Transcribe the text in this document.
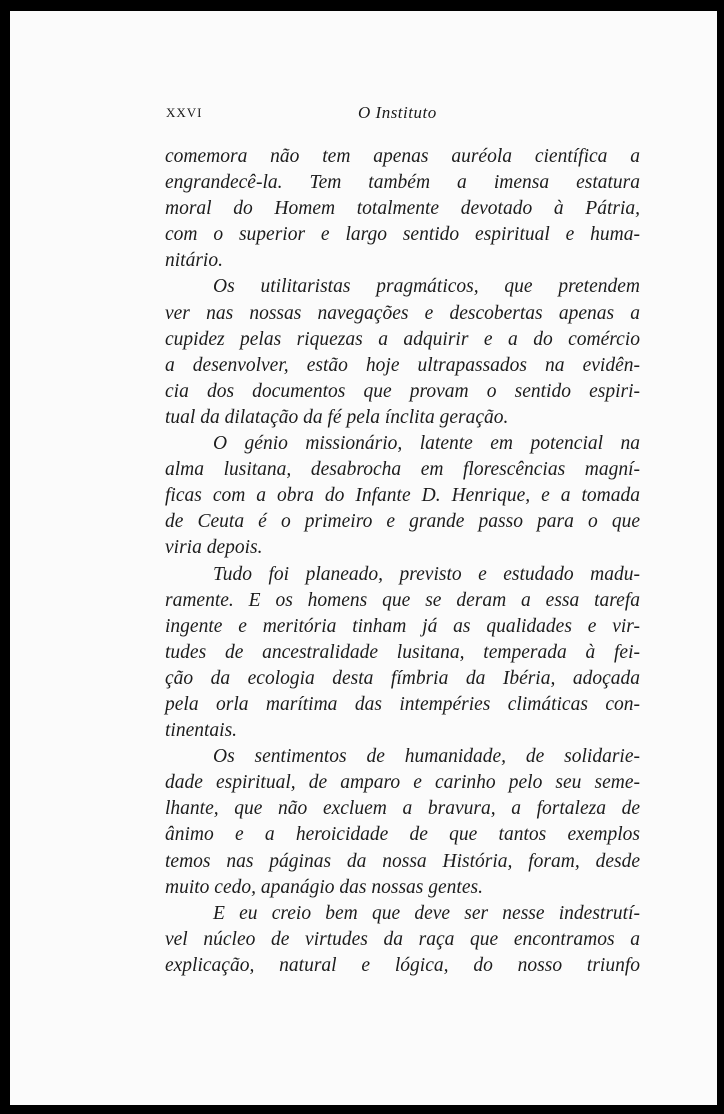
XXVI	O Instituto
comemora não tem apenas auréola científica a
engrandecê-la. Tem também a imensa estatura
moral do Homem totalmente devotado à Pátria,
com o superior e largo sentido espiritual e huma-
nitário.
Os utilitaristas pragmáticos, que pretendem
ver nas nossas navegações e descobertas apenas a
cupidez pelas riquezas a adquirir e a do comércio
a desenvolver, estão hoje ultrapassados na evidên-
cia dos documentos que provam o sentido espiri-
tual da dilatação da fé pela ínclita geração.
O génio missionário, latente em potencial na
alma lusitana, desabrocha em florescências magní-
ficas com a obra do Infante D. Henrique, e a tomada
de Ceuta é o primeiro e grande passo para o que
viria depois.
Tudo foi planeado, previsto e estudado madu-
ramente. E os homens que se deram a essa tarefa
ingente e meritória tinham já as qualidades e vir-
tudes de ancestralidade lusitana, temperada à fei-
ção da ecologia desta fímbria da Ibéria, adoçada
pela orla marítima das intempéries climáticas con-
tinentais.
Os sentimentos de humanidade, de solidarie-
dade espiritual, de amparo e carinho pelo seu seme-
lhante, que não excluem a bravura, a fortaleza de
ânimo e a heroicidade de que tantos exemplos
temos nas páginas da nossa História, foram, desde
muito cedo, apanágio das nossas gentes.
E eu creio bem que deve ser nesse indestrutí-
vel núcleo de virtudes da raça que encontramos a
explicação, natural e lógica, do nosso triunfo
